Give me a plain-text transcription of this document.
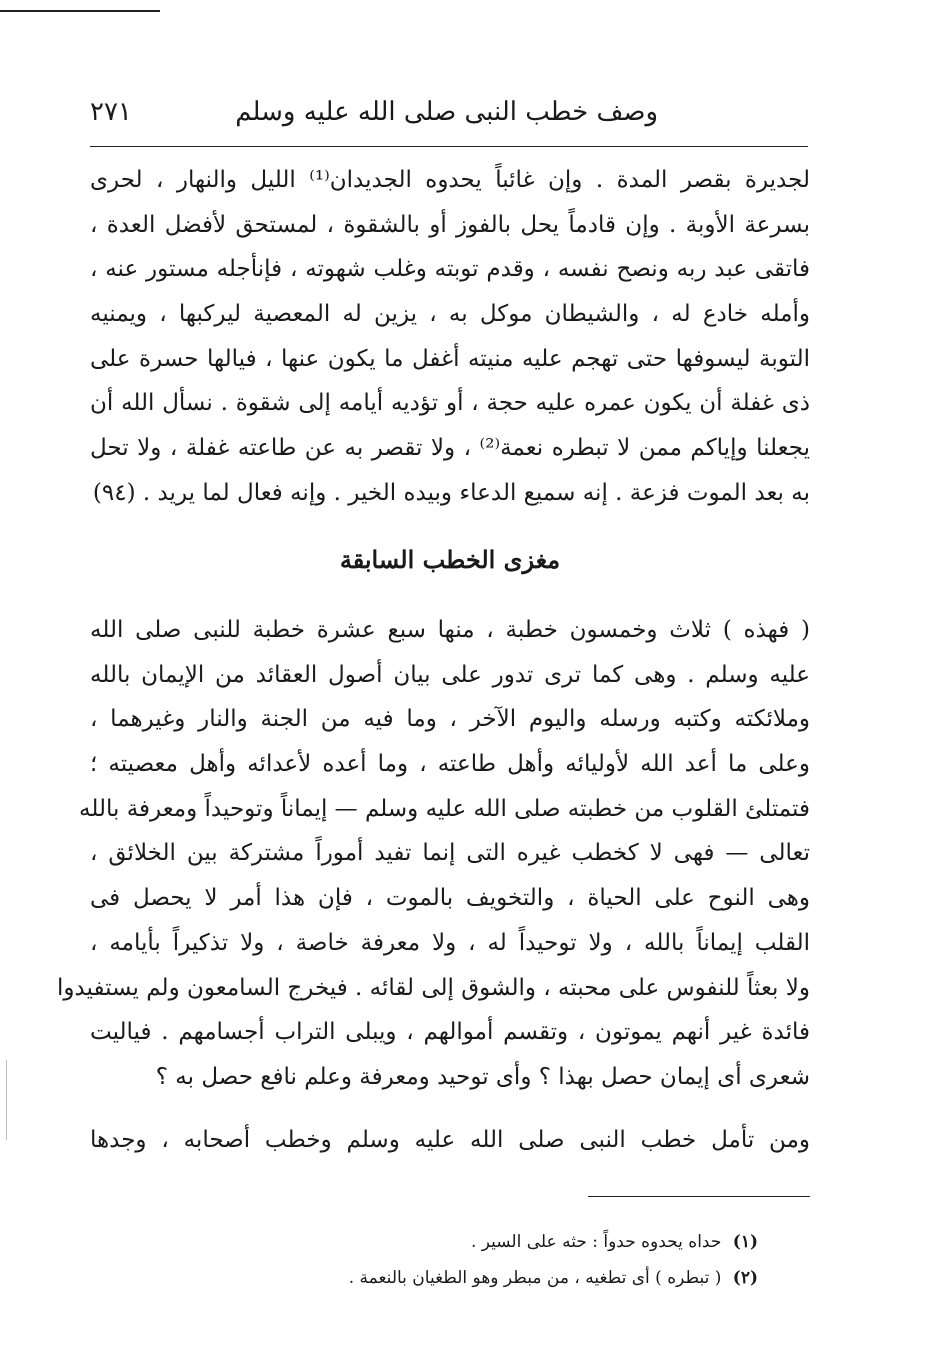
وصف خطب النبى صلى الله عليه وسلم
٢٧١
لجديرة بقصر المدة . وإن غائباً يحدوه الجديدان⁽¹⁾ الليل والنهار ، لحرى
بسرعة الأوبة . وإن قادماً يحل بالفوز أو بالشقوة ، لمستحق لأفضل العدة ،
فاتقى عبد ربه ونصح نفسه ، وقدم توبته وغلب شهوته ، فإنأجله مستور عنه ،
وأمله خادع له ، والشيطان موكل به ، يزين له المعصية ليركبها ، ويمنيه
التوبة ليسوفها حتى تهجم عليه منيته أغفل ما يكون عنها ، فيالها حسرة على
ذى غفلة أن يكون عمره عليه حجة ، أو تؤديه أيامه إلى شقوة . نسأل الله أن
يجعلنا وإياكم ممن لا تبطره نعمة⁽²⁾ ، ولا تقصر به عن طاعته غفلة ، ولا تحل
به بعد الموت فزعة . إنه سميع الدعاء وبيده الخير . وإنه فعال لما يريد . (٩٤)
مغزى الخطب السابقة
( فهذه ) ثلاث وخمسون خطبة ، منها سبع عشرة خطبة للنبى صلى الله
عليه وسلم . وهى كما ترى تدور على بيان أصول العقائد من الإيمان بالله
وملائكته وكتبه ورسله واليوم الآخر ، وما فيه من الجنة والنار وغيرهما ،
وعلى ما أعد الله لأوليائه وأهل طاعته ، وما أعده لأعدائه وأهل معصيته ؛
فتمتلئ القلوب من خطبته صلى الله عليه وسلم — إيماناً وتوحيداً ومعرفة بالله
تعالى — فهى لا كخطب غيره التى إنما تفيد أموراً مشتركة بين الخلائق ،
وهى النوح على الحياة ، والتخويف بالموت ، فإن هذا أمر لا يحصل فى
القلب إيماناً بالله ، ولا توحيداً له ، ولا معرفة خاصة ، ولا تذكيراً بأيامه ،
ولا بعثاً للنفوس على محبته ، والشوق إلى لقائه . فيخرج السامعون ولم يستفيدوا
فائدة غير أنهم يموتون ، وتقسم أموالهم ، ويبلى التراب أجسامهم . فياليت
شعرى أى إيمان حصل بهذا ؟ وأى توحيد ومعرفة وعلم نافع حصل به ؟
ومن تأمل خطب النبى صلى الله عليه وسلم وخطب أصحابه ، وجدها
(١) حداه يحدوه حدواً : حثه على السير .
(٢) ( تبطره ) أى تطغيه ، من مبطر وهو الطغيان بالنعمة .
